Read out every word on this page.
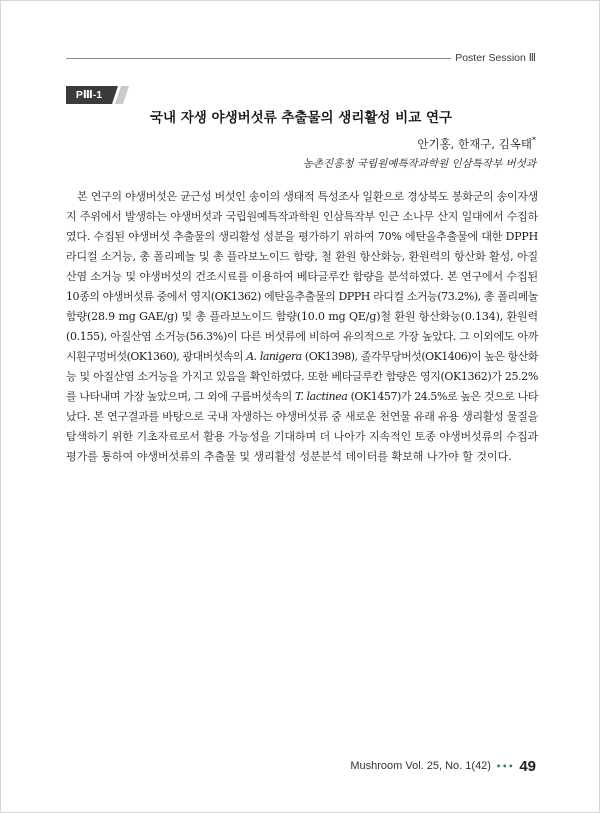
Poster Session Ⅲ
PⅢ-1
국내 자생 야생버섯류 추출물의 생리활성 비교 연구
안기홍, 한재구, 김옥태*
농촌진흥청 국립원예특작과학원 인삼특작부 버섯과
본 연구의 야생버섯은 균근성 버섯인 송이의 생태적 특성조사 일환으로 경상북도 봉화군의 송이자생
지 주위에서 발생하는 야생버섯과 국립원예특작과학원 인삼특작부 인근 소나무 산지 일대에서 수집하
였다. 수집된 야생버섯 추출물의 생리활성 성분을 평가하기 위하여 70% 에탄올추출물에 대한 DPPH
라디컬 소거능, 총 폴리페놀 및 총 플라보노이드 함량, 철 환원 항산화능, 환원력의 항산화 활성, 아질
산염 소거능 및 야생버섯의 건조시료를 이용하여 베타글루칸 함량을 분석하였다. 본 연구에서 수집된
10종의 야생버섯류 중에서 영지(OK1362) 에탄올추출물의 DPPH 라디컬 소거능(73.2%), 총 폴리페놀
함량(28.9 mg GAE/g) 및 총 플라보노이드 함량(10.0 mg QE/g)철 환원 항산화능(0.134), 환원력
(0.155), 아질산염 소거능(56.3%)이 다른 버섯류에 비하여 유의적으로 가장 높았다. 그 이외에도 아까
시흰구멍버섯(OK1360), 광대버섯속의 A. lanigera (OK1398), 졸각무당버섯(OK1406)이 높은 항산화
능 및 아질산염 소거능을 가지고 있음을 확인하였다. 또한 베타글루칸 함량은 영지(OK1362)가 25.2%
를 나타내며 가장 높았으며, 그 외에 구름버섯속의 T. lactinea (OK1457)가 24.5%로 높은 것으로 나타
났다. 본 연구결과를 바탕으로 국내 자생하는 야생버섯류 중 새로운 천연물 유래 유용 생리활성 물질을
탐색하기 위한 기초자료로서 활용 가능성을 기대하며 더 나아가 지속적인 토종 야생버섯류의 수집과
평가를 통하여 야생버섯류의 추출물 및 생리활성 성분분석 데이터를 확보해 나가야 할 것이다.
Mushroom Vol. 25, No. 1(42) ••• 49
